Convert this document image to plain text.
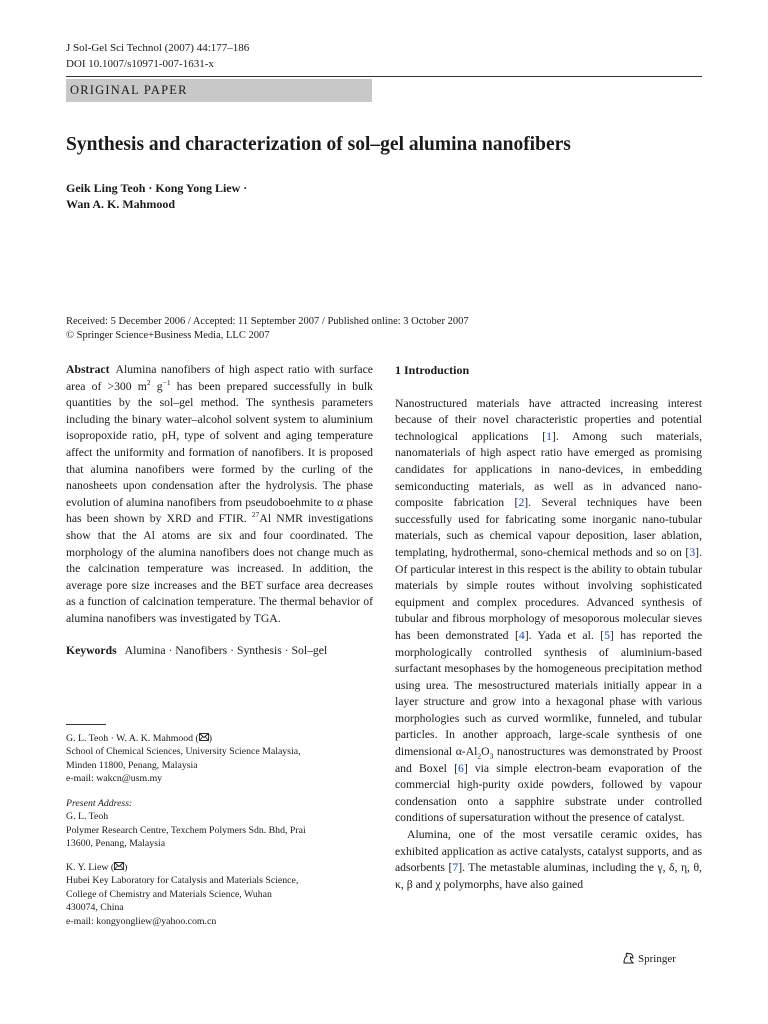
J Sol-Gel Sci Technol (2007) 44:177–186
DOI 10.1007/s10971-007-1631-x
ORIGINAL PAPER
Synthesis and characterization of sol–gel alumina nanofibers
Geik Ling Teoh · Kong Yong Liew ·
Wan A. K. Mahmood
Received: 5 December 2006 / Accepted: 11 September 2007 / Published online: 3 October 2007
© Springer Science+Business Media, LLC 2007

Abstract Alumina nanofibers of high aspect ratio with surface area of >300 $m^2$ $g^{-1}$ has been prepared successfully in bulk quantities by the sol–gel method. The synthesis parameters including the binary water–alcohol solvent system to aluminium isopropoxide ratio, pH, type of solvent and aging temperature affect the uniformity and formation of nanofibers. It is proposed that alumina nanofibers were formed by the curling of the nanosheets upon condensation after the hydrolysis. The phase evolution of alumina nanofibers from pseudoboehmite to α phase has been shown by XRD and FTIR. $^{27}$Al NMR investigations show that the Al atoms are six and four coordinated. The morphology of the alumina nanofibers does not change much as the calcination temperature was increased. In addition, the average pore size increases and the BET surface area decreases as a function of calcination temperature. The thermal behavior of alumina nanofibers was investigated by TGA.

Keywords Alumina · Nanofibers · Synthesis · Sol–gel

G. L. Teoh · W. A. K. Mahmood ( )
School of Chemical Sciences, University Science Malaysia,
Minden 11800, Penang, Malaysia
e-mail: wakcn@usm.my
Present Address:
G. L. Teoh
Polymer Research Centre, Texchem Polymers Sdn. Bhd, Prai
13600, Penang, Malaysia
K. Y. Liew ( )
Hubei Key Laboratory for Catalysis and Materials Science,
College of Chemistry and Materials Science, Wuhan
430074, China
e-mail: kongyongliew@yahoo.com.cn
1 Introduction

Nanostructured materials have attracted increasing interest because of their novel characteristic properties and potential technological applications [1]. Among such materials, nanomaterials of high aspect ratio have emerged as promising candidates for applications in nano-devices, in embedding semiconducting materials, as well as in advanced nano-composite fabrication [2]. Several techniques have been successfully used for fabricating some inorganic nano-tubular materials, such as chemical vapour deposition, laser ablation, templating, hydrothermal, sono-chemical methods and so on [3]. Of particular interest in this respect is the ability to obtain tubular materials by simple routes without involving sophisticated equipment and complex procedures. Advanced synthesis of tubular and fibrous morphology of mesoporous molecular sieves has been demonstrated [4]. Yada et al. [5] has reported the morphologically controlled synthesis of aluminium-based surfactant mesophases by the homogeneous precipitation method using urea. The mesostructured materials initially appear in a layer structure and grow into a hexagonal phase with various morphologies such as curved wormlike, funneled, and tubular particles. In another approach, large-scale synthesis of one dimensional $\alpha-Al_2O_3$ nanostructures was demonstrated by Proost and Boxel [6] via simple electron-beam evaporation of the commercial high-purity oxide powders, followed by vapour condensation onto a sapphire substrate under controlled conditions of supersaturation without the presence of catalyst.

Alumina, one of the most versatile ceramic oxides, has exhibited application as active catalysts, catalyst supports, and as adsorbents [7]. The metastable aluminas, including the γ, δ, η, θ, κ, β and χ polymorphs, have also gained

Springer
